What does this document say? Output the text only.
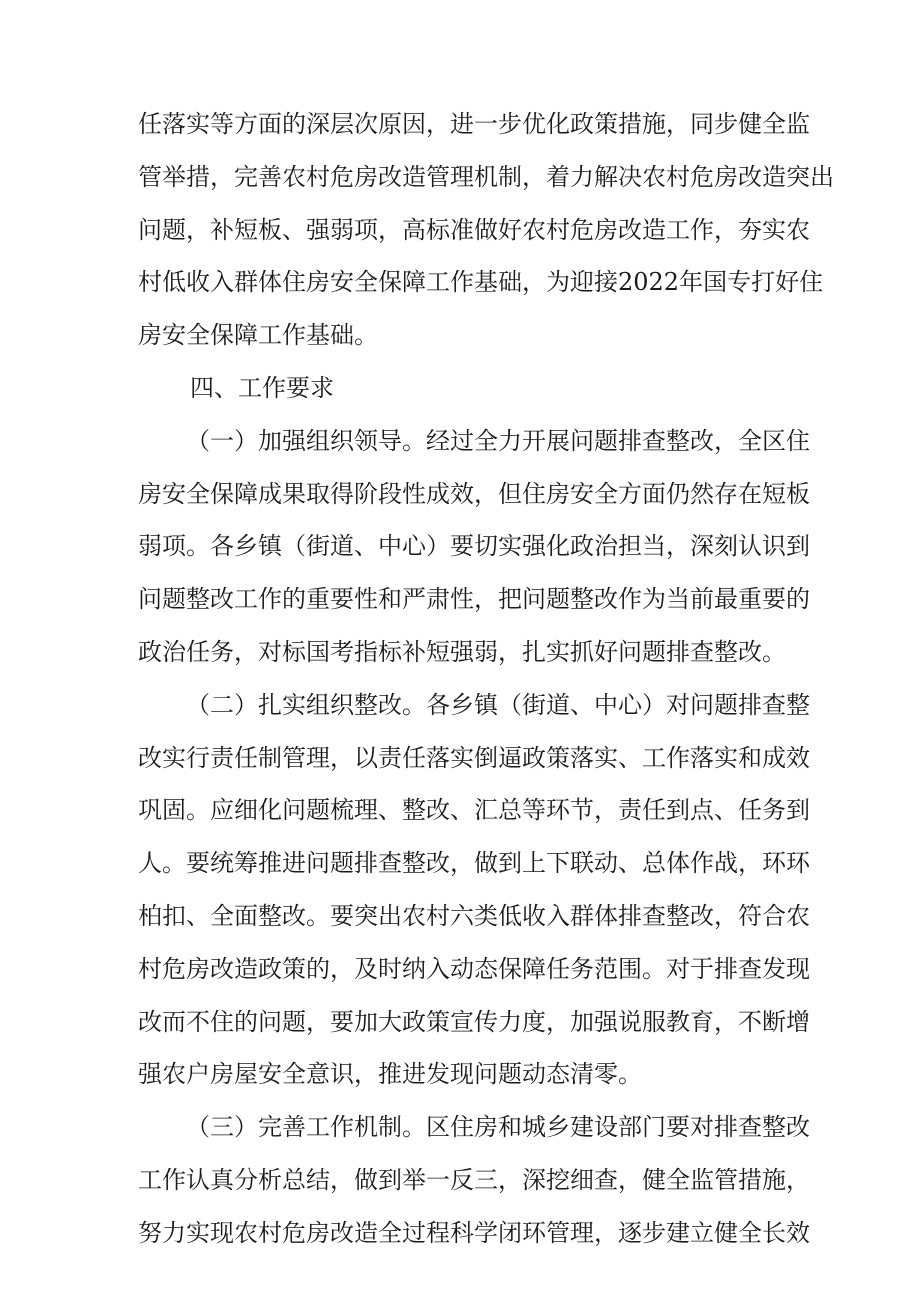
任落实等方面的深层次原因，进一步优化政策措施，同步健全监
管举措，完善农村危房改造管理机制，着力解决农村危房改造突出
问题，补短板、强弱项，高标准做好农村危房改造工作，夯实农
村低收入群体住房安全保障工作基础，为迎接2022年国专打好住
房安全保障工作基础。
四、工作要求
（一）加强组织领导。经过全力开展问题排查整改，全区住
房安全保障成果取得阶段性成效，但住房安全方面仍然存在短板
弱项。各乡镇（街道、中心）要切实强化政治担当，深刻认识到
问题整改工作的重要性和严肃性，把问题整改作为当前最重要的
政治任务，对标国考指标补短强弱，扎实抓好问题排查整改。
（二）扎实组织整改。各乡镇（街道、中心）对问题排查整
改实行责任制管理，以责任落实倒逼政策落实、工作落实和成效
巩固。应细化问题梳理、整改、汇总等环节，责任到点、任务到
人。要统筹推进问题排查整改，做到上下联动、总体作战，环环
柏扣、全面整改。要突出农村六类低收入群体排查整改，符合农
村危房改造政策的，及时纳入动态保障任务范围。对于排查发现
改而不住的问题，要加大政策宣传力度，加强说服教育，不断增
强农户房屋安全意识，推进发现问题动态清零。
（三）完善工作机制。区住房和城乡建设部门要对排查整改
工作认真分析总结，做到举一反三，深挖细查，健全监管措施，
努力实现农村危房改造全过程科学闭环管理，逐步建立健全长效
